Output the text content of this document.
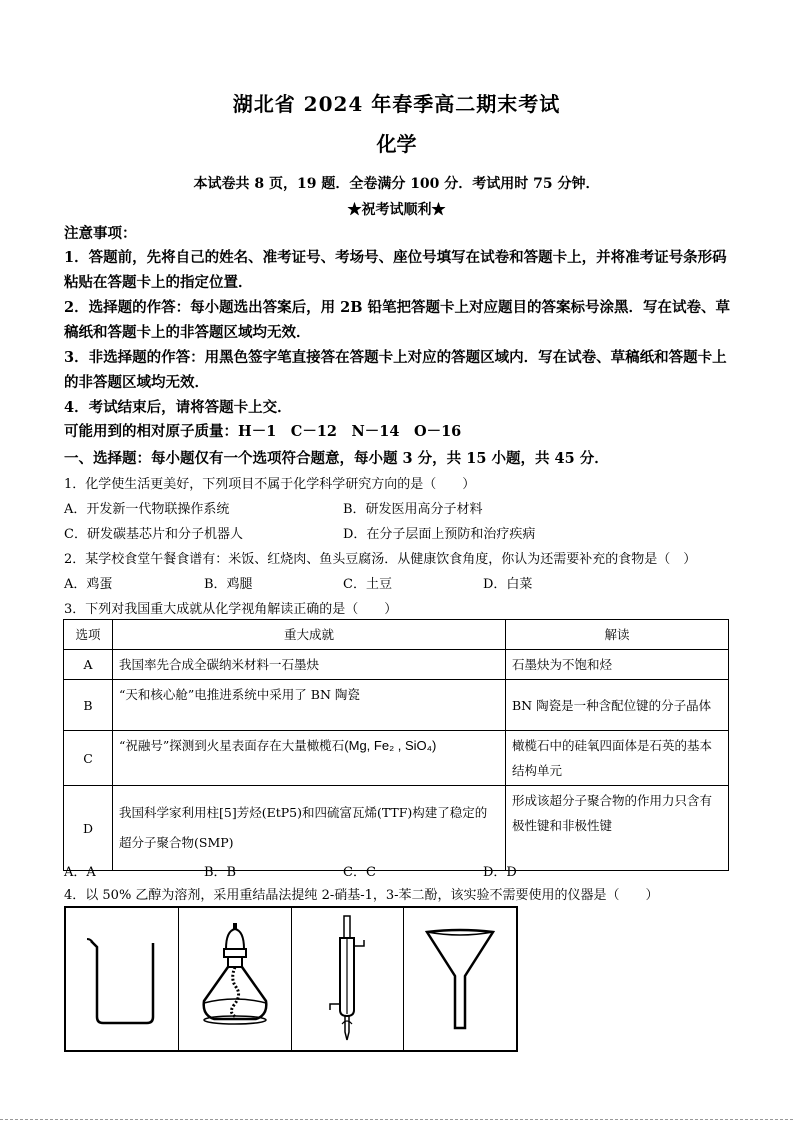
湖北省 2024 年春季高二期末考试
化学
本试卷共 8 页，19 题．全卷满分 100 分．考试用时 75 分钟．
★祝考试顺利★
注意事项：
1．答题前，先将自己的姓名、准考证号、考场号、座位号填写在试卷和答题卡上，并将准考证号条形码粘贴在答题卡上的指定位置．
2．选择题的作答：每小题选出答案后，用 2B 铅笔把答题卡上对应题目的答案标号涂黑．写在试卷、草稿纸和答题卡上的非答题区域均无效．
3．非选择题的作答：用黑色签字笔直接答在答题卡上对应的答题区域内．写在试卷、草稿纸和答题卡上的非答题区域均无效．
4．考试结束后，请将答题卡上交．
可能用到的相对原子质量：H－1　C－12　N－14　O－16
一、选择题：每小题仅有一个选项符合题意，每小题 3 分，共 15 小题，共 45 分．
1．化学使生活更美好，下列项目不属于化学科学研究方向的是（　　）
A．开发新一代物联操作系统	B．研发医用高分子材料
C．研发碳基芯片和分子机器人	D．在分子层面上预防和治疗疾病
2．某学校食堂午餐食谱有：米饭、红烧肉、鱼头豆腐汤．从健康饮食角度，你认为还需要补充的食物是（　）
A．鸡蛋	B．鸡腿	C．土豆	D．白菜
3．下列对我国重大成就从化学视角解读正确的是（　　）
选项	重大成就	解读
A	我国率先合成全碳纳米材料一石墨炔	石墨炔为不饱和烃
B	“天和核心舱”电推进系统中采用了 BN 陶瓷	BN 陶瓷是一种含配位键的分子晶体
C	“祝融号”探测到火星表面存在大量橄榄石(Mg, Fe₂ , SiO₄)	橄榄石中的硅氧四面体是石英的基本结构单元
D	我国科学家利用柱[5]芳烃(EtP5)和四硫富瓦烯(TTF)构建了稳定的超分子聚合物(SMP)	形成该超分子聚合物的作用力只含有极性键和非极性键
A．A	B．B	C．C	D．D
4．以 50% 乙醇为溶剂，采用重结晶法提纯 2-硝基-1，3-苯二酚，该实验不需要使用的仪器是（　　）
